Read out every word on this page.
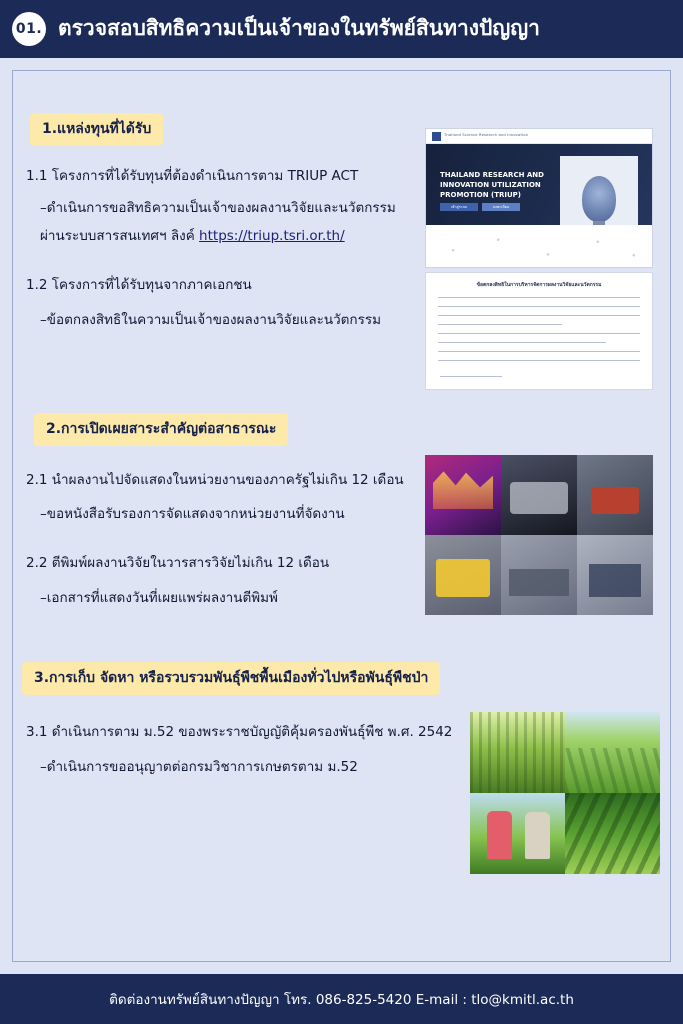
01. ตรวจสอบสิทธิความเป็นเจ้าของในทรัพย์สินทางปัญญา
1.แหล่งทุนที่ได้รับ
1.1 โครงการที่ได้รับทุนที่ต้องดำเนินการตาม TRIUP ACT
–ดำเนินการขอสิทธิความเป็นเจ้าของผลงานวิจัยและนวัตกรรม
ผ่านระบบสารสนเทศฯ ลิงค์ https://triup.tsri.or.th/
1.2 โครงการที่ได้รับทุนจากภาคเอกชน
–ข้อตกลงสิทธิในความเป็นเจ้าของผลงานวิจัยและนวัตกรรม
Thailand Science Research and Innovation
THAILAND RESEARCH AND INNOVATION UTILIZATION PROMOTION (TRIUP)
เข้าสู่ระบบ	ลงทะเบียน
ข้อตกลงสิทธิในการบริหารจัดการผลงานวิจัยและนวัตกรรม
2.การเปิดเผยสาระสำคัญต่อสาธารณะ
2.1 นำผลงานไปจัดแสดงในหน่วยงานของภาครัฐไม่เกิน 12 เดือน
–ขอหนังสือรับรองการจัดแสดงจากหน่วยงานที่จัดงาน
2.2 ตีพิมพ์ผลงานวิจัยในวารสารวิจัยไม่เกิน 12 เดือน
–เอกสารที่แสดงวันที่เผยแพร่ผลงานตีพิมพ์
3.การเก็บ จัดหา หรือรวบรวมพันธุ์พืชพื้นเมืองทั่วไปหรือพันธุ์พืชป่า
3.1 ดำเนินการตาม ม.52 ของพระราชบัญญัติคุ้มครองพันธุ์พืช พ.ศ. 2542
–ดำเนินการขออนุญาตต่อกรมวิชาการเกษตรตาม ม.52
ติดต่องานทรัพย์สินทางปัญญา โทร. 086-825-5420 E-mail : tlo@kmitl.ac.th
